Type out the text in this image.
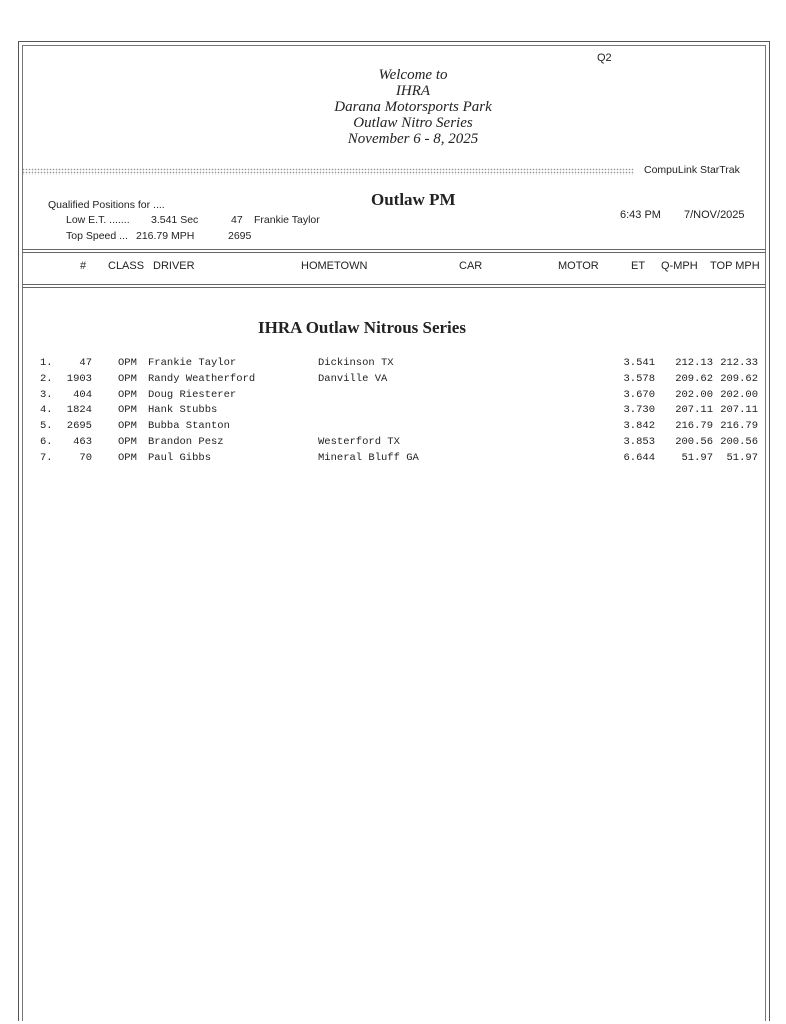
Q2
Welcome to
IHRA
Darana Motorsports Park
Outlaw Nitro Series
November 6 - 8, 2025
CompuLink StarTrak
Outlaw PM
Qualified Positions for ....
Low E.T. ....... 3.541 Sec	47 Frankie Taylor
Top Speed ... 216.79 MPH	2695
6:43 PM 7/NOV/2025
# CLASS DRIVER	HOMETOWN	CAR	MOTOR	ET Q-MPH TOP MPH
IHRA Outlaw Nitrous Series
1.	47 OPM Frankie Taylor	Dickinson TX	3.541 212.13 212.33
2. 1903 OPM Randy Weatherford	Danville VA	3.578 209.62 209.62
3. 404 OPM Doug Riesterer	3.670 202.00 202.00
4. 1824 OPM Hank Stubbs	3.730 207.11 207.11
5. 2695 OPM Bubba Stanton	3.842 216.79 216.79
6. 463 OPM Brandon Pesz	Westerford TX	3.853 200.56 200.56
7.	70 OPM Paul Gibbs	Mineral Bluff GA	6.644	51.97 51.97
